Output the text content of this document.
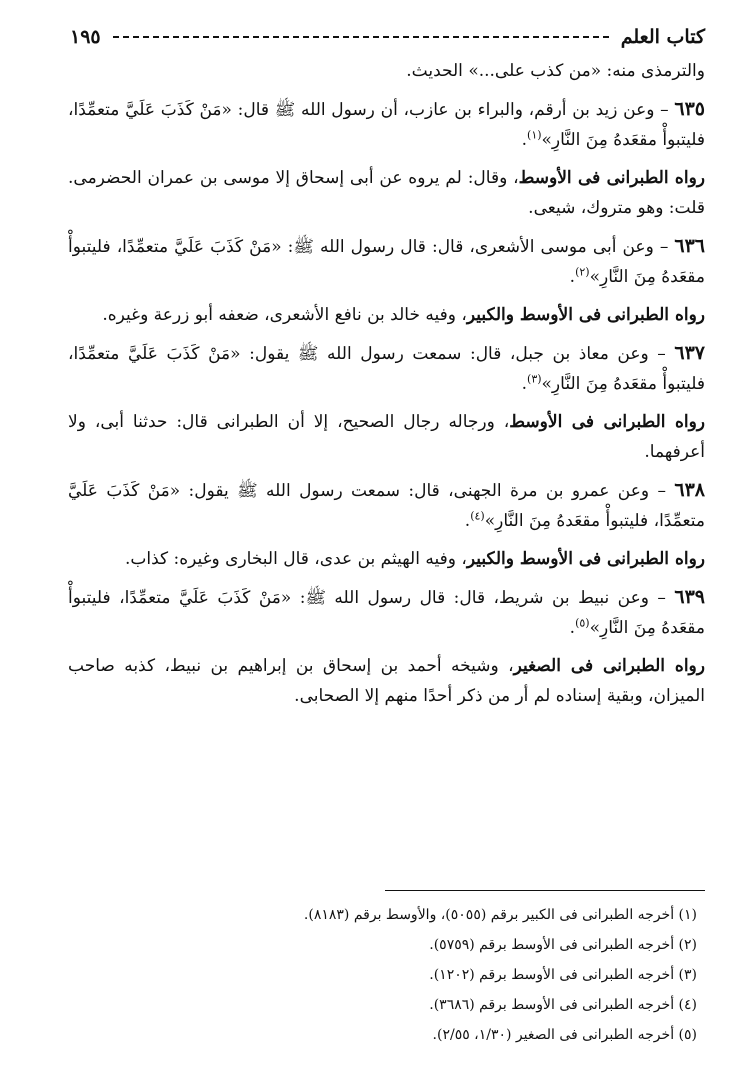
كتاب العلم
١٩٥

والترمذى منه: «من كذب على...» الحديث.

٦٣٥ – وعن زيد بن أرقم، والبراء بن عازب، أن رسول الله ﷺ قال: «مَنْ كَذَبَ عَلَيَّ متعمِّدًا، فليتبوأْ مقعَدهُ مِنَ النَّارِ»$^{(١)}$.

رواه الطبرانى فى الأوسط، وقال: لم يروه عن أبى إسحاق إلا موسى بن عمران الحضرمى. قلت: وهو متروك، شيعى.

٦٣٦ – وعن أبى موسى الأشعرى، قال: قال رسول الله ﷺ: «مَنْ كَذَبَ عَلَيَّ متعمِّدًا، فليتبوأْ مقعَدهُ مِنَ النَّارِ»$^{(٢)}$.

رواه الطبرانى فى الأوسط والكبير، وفيه خالد بن نافع الأشعرى، ضعفه أبو زرعة وغيره.

٦٣٧ – وعن معاذ بن جبل، قال: سمعت رسول الله ﷺ يقول: «مَنْ كَذَبَ عَلَيَّ متعمِّدًا، فليتبوأْ مقعَدهُ مِنَ النَّارِ»$^{(٣)}$.

رواه الطبرانى فى الأوسط، ورجاله رجال الصحيح، إلا أن الطبرانى قال: حدثنا أبى، ولا أعرفهما.

٦٣٨ – وعن عمرو بن مرة الجهنى، قال: سمعت رسول الله ﷺ يقول: «مَنْ كَذَبَ عَلَيَّ متعمِّدًا، فليتبوأْ مقعَدهُ مِنَ النَّارِ»$^{(٤)}$.

رواه الطبرانى فى الأوسط والكبير، وفيه الهيثم بن عدى، قال البخارى وغيره: كذاب.

٦٣٩ – وعن نبيط بن شريط، قال: قال رسول الله ﷺ: «مَنْ كَذَبَ عَلَيَّ متعمِّدًا، فليتبوأْ مقعَدهُ مِنَ النَّارِ»$^{(٥)}$.

رواه الطبرانى فى الصغير، وشيخه أحمد بن إسحاق بن إبراهيم بن نبيط، كذبه صاحب الميزان، وبقية إسناده لم أر من ذكر أحدًا منهم إلا الصحابى.

(١) أخرجه الطبرانى فى الكبير برقم (٥٠٥٥)، والأوسط برقم (٨١٨٣).
(٢) أخرجه الطبرانى فى الأوسط برقم (٥٧٥٩).
(٣) أخرجه الطبرانى فى الأوسط برقم (١٢٠٢).
(٤) أخرجه الطبرانى فى الأوسط برقم (٣٦٨٦).
(٥) أخرجه الطبرانى فى الصغير (١/٣٠، ٢/٥٥).
